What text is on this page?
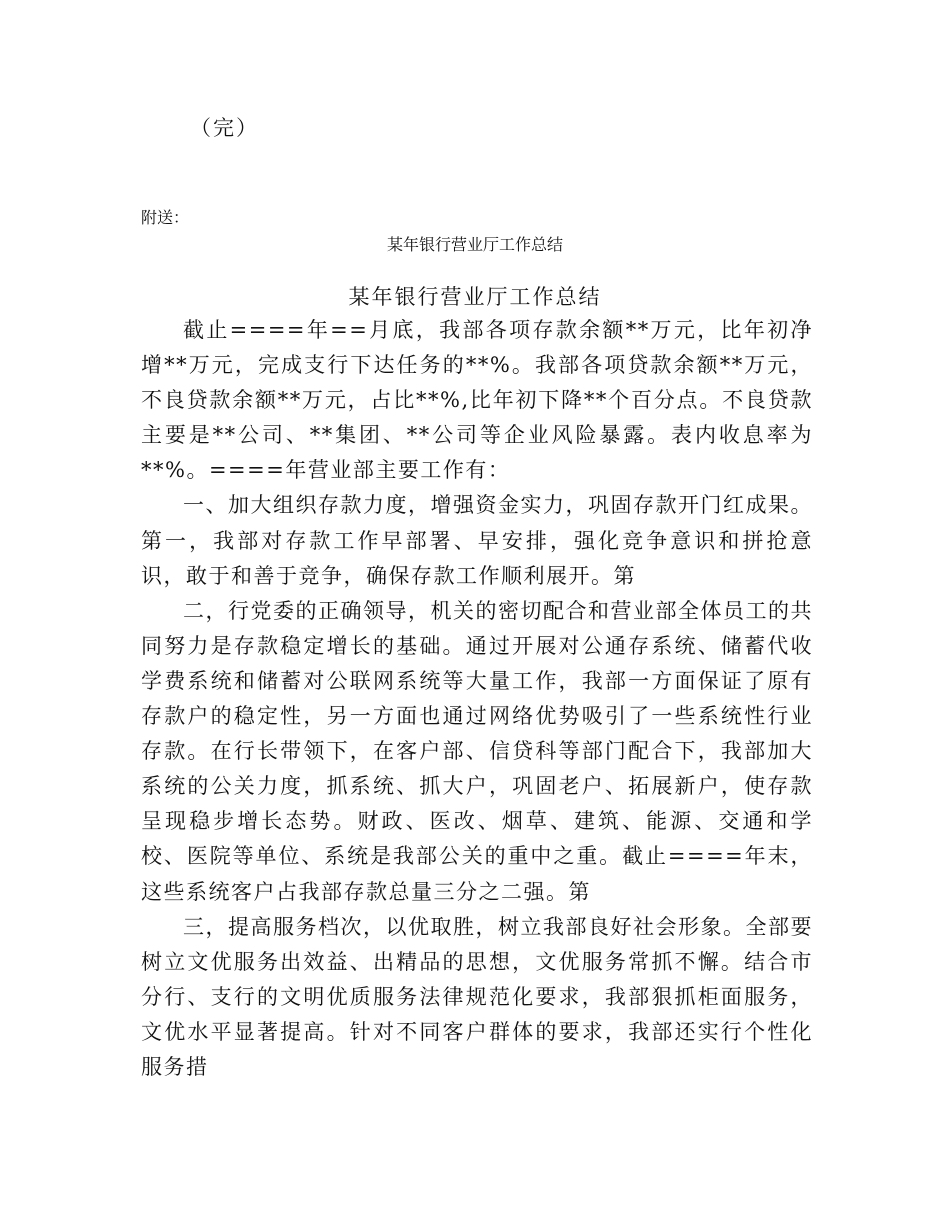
（完）
附送：
某年银行营业厅工作总结
某年银行营业厅工作总结

截止====年==月底，我部各项存款余额**万元，比年初净增**万元，完成支行下达任务的**%。我部各项贷款余额**万元，不良贷款余额**万元，占比**%,比年初下降**个百分点。不良贷款主要是**公司、**集团、**公司等企业风险暴露。表内收息率为**%。====年营业部主要工作有：

一、加大组织存款力度，增强资金实力，巩固存款开门红成果。第一，我部对存款工作早部署、早安排，强化竞争意识和拼抢意识，敢于和善于竞争，确保存款工作顺利展开。第

二，行党委的正确领导，机关的密切配合和营业部全体员工的共同努力是存款稳定增长的基础。通过开展对公通存系统、储蓄代收学费系统和储蓄对公联网系统等大量工作，我部一方面保证了原有存款户的稳定性，另一方面也通过网络优势吸引了一些系统性行业存款。在行长带领下，在客户部、信贷科等部门配合下，我部加大系统的公关力度，抓系统、抓大户，巩固老户、拓展新户，使存款呈现稳步增长态势。财政、医改、烟草、建筑、能源、交通和学校、医院等单位、系统是我部公关的重中之重。截止====年末，这些系统客户占我部存款总量三分之二强。第

三，提高服务档次，以优取胜，树立我部良好社会形象。全部要树立文优服务出效益、出精品的思想，文优服务常抓不懈。结合市分行、支行的文明优质服务法律规范化要求，我部狠抓柜面服务，文优水平显著提高。针对不同客户群体的要求，我部还实行个性化服务措
